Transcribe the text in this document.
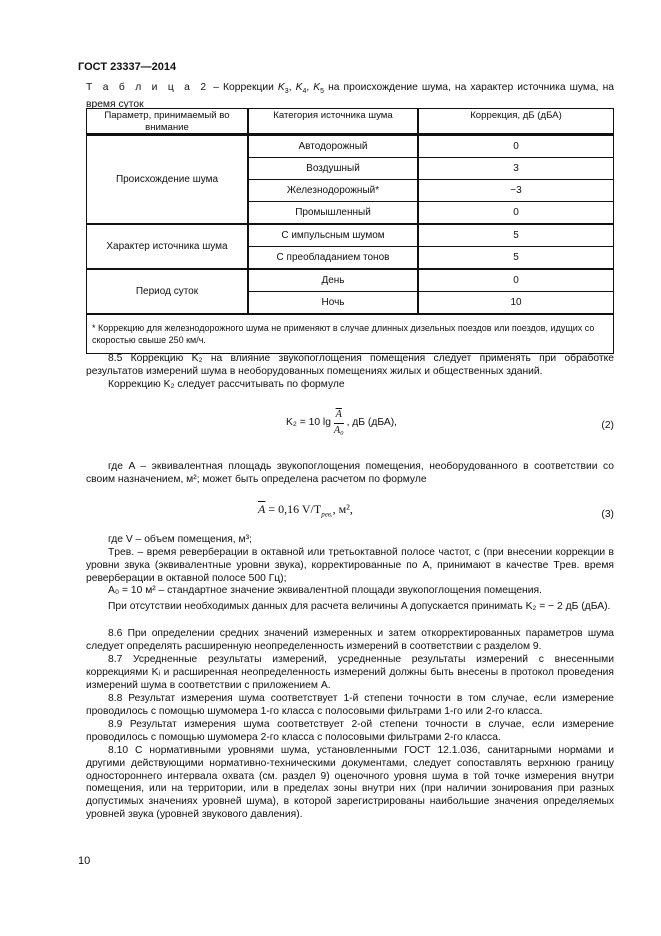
ГОСТ 23337—2014
Т а б л и ц а 2 – Коррекции $K_3$, $K_4$, $K_5$ на происхождение шума, на характер источника шума, на время суток
Параметр, принимаемый во внимание	Категория источника шума	Коррекция, дБ (дБА)
Происхождение шума	Автодорожный	0
	Воздушный	3
	Железнодорожный*	−3
	Промышленный	0
Характер источника шума	С импульсным шумом	5
	С преобладанием тонов	5
Период суток	День	0
	Ночь	10
* Коррекцию для железнодорожного шума не применяют в случае длинных дизельных поездов или поездов, идущих со скоростью свыше 250 км/ч.		
8.5 Коррекцию K₂ на влияние звукопоглощения помещения следует применять при обработке результатов измерений шума в необорудованных помещениях жилых и общественных зданий.
Коррекцию K₂ следует рассчитывать по формуле
K₂ = 10 $\lg \frac{\overline{A}}{\text{A₀}}$ , дБ (дБА),	(2)
где A – эквивалентная площадь звукопоглощения помещения, необорудованного в соответствии со своим назначением, м²; может быть определена расчетом по формуле
$\overline{A} = 0,16$ $V/T_{рев.}$, м²,	(3)
где V – объем помещения, м³;
Tрев. – время реверберации в октавной или третьоктавной полосе частот, с (при внесении коррекции в уровни звука (эквивалентные уровни звука), корректированные по A, принимают в качестве Tрев. время реверберации в октавной полосе 500 Гц);
A₀ = 10 м² – стандартное значение эквивалентной площади звукопоглощения помещения.
При отсутствии необходимых данных для расчета величины A допускается принимать K₂ = − 2 дБ (дБА).
8.6 При определении средних значений измеренных и затем откорректированных параметров шума следует определять расширенную неопределенность измерений в соответствии с разделом 9.
8.7 Усредненные результаты измерений, усредненные результаты измерений с внесенными коррекциями Kᵢ и расширенная неопределенность измерений должны быть внесены в протокол проведения измерений шума в соответствии с приложением А.
8.8 Результат измерения шума соответствует 1-й степени точности в том случае, если измерение проводилось с помощью шумомера 1-го класса с полосовыми фильтрами 1-го или 2-го класса.
8.9 Результат измерения шума соответствует 2-ой степени точности в случае, если измерение проводилось с помощью шумомера 2-го класса с полосовыми фильтрами 2-го класса.
8.10 С нормативными уровнями шума, установленными ГОСТ 12.1.036, санитарными нормами и другими действующими нормативно-техническими документами, следует сопоставлять верхнюю границу одностороннего интервала охвата (см. раздел 9) оценочного уровня шума в той точке измерения внутри помещения, или на территории, или в пределах зоны внутри них (при наличии зонирования при разных допустимых значениях уровней шума), в которой зарегистрированы наибольшие значения определяемых уровней звука (уровней звукового давления).
10
